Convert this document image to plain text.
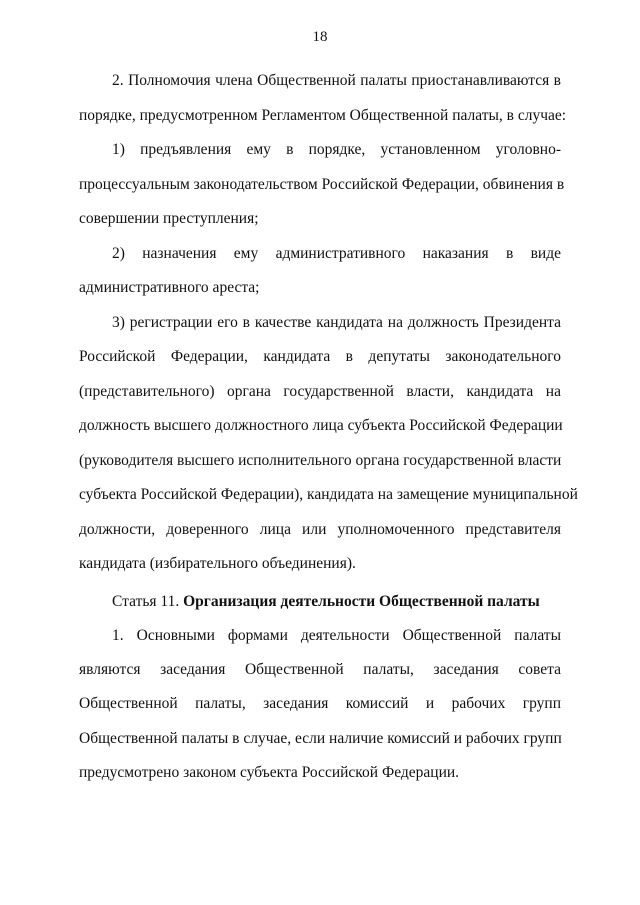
18
2. Полномочия члена Общественной палаты приостанавливаются в
порядке, предусмотренном Регламентом Общественной палаты, в случае:
1) предъявления ему в порядке, установленном уголовно-
процессуальным законодательством Российской Федерации, обвинения в
совершении преступления;
2) назначения ему административного наказания в виде
административного ареста;
3) регистрации его в качестве кандидата на должность Президента
Российской Федерации, кандидата в депутаты законодательного
(представительного) органа государственной власти, кандидата на
должность высшего должностного лица субъекта Российской Федерации
(руководителя высшего исполнительного органа государственной власти
субъекта Российской Федерации), кандидата на замещение муниципальной
должности, доверенного лица или уполномоченного представителя
кандидата (избирательного объединения).
Статья 11. Организация деятельности Общественной палаты
1. Основными формами деятельности Общественной палаты
являются заседания Общественной палаты, заседания совета
Общественной палаты, заседания комиссий и рабочих групп
Общественной палаты в случае, если наличие комиссий и рабочих групп
предусмотрено законом субъекта Российской Федерации.
